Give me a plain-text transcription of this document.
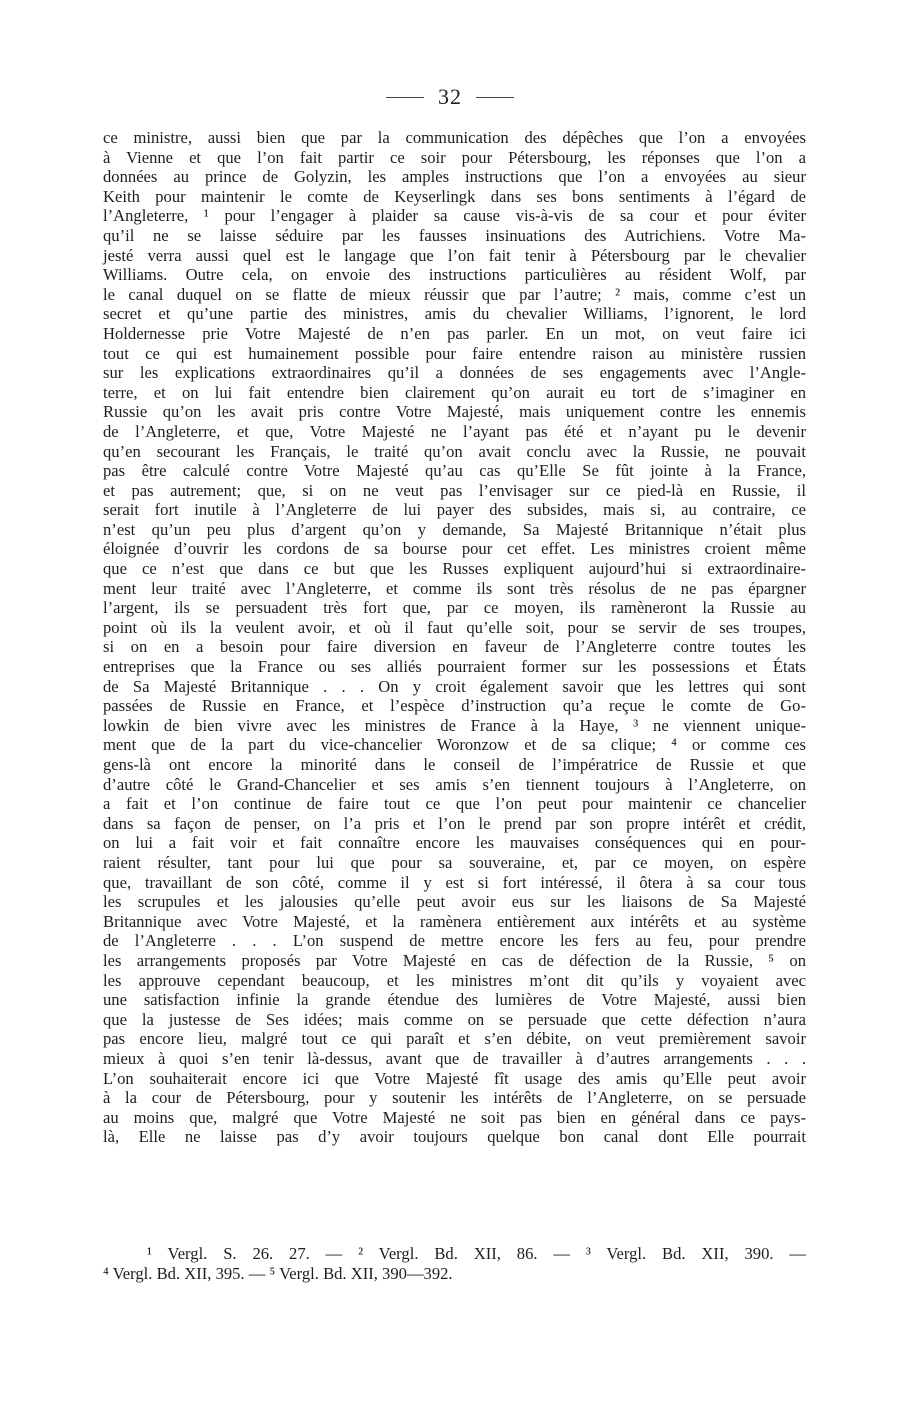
32
ce ministre, aussi bien que par la communication des dépêches que l’on a envoyées
à Vienne et que l’on fait partir ce soir pour Pétersbourg, les réponses que l’on a
données au prince de Golyzin, les amples instructions que l’on a envoyées au sieur
Keith pour maintenir le comte de Keyserlingk dans ses bons sentiments à l’égard de
l’Angleterre, ¹ pour l’engager à plaider sa cause vis-à-vis de sa cour et pour éviter
qu’il ne se laisse séduire par les fausses insinuations des Autrichiens. Votre Ma-
jesté verra aussi quel est le langage que l’on fait tenir à Pétersbourg par le chevalier
Williams. Outre cela, on envoie des instructions particulières au résident Wolf, par
le canal duquel on se flatte de mieux réussir que par l’autre; ² mais, comme c’est un
secret et qu’une partie des ministres, amis du chevalier Williams, l’ignorent, le lord
Holdernesse prie Votre Majesté de n’en pas parler. En un mot, on veut faire ici
tout ce qui est humainement possible pour faire entendre raison au ministère russien
sur les explications extraordinaires qu’il a données de ses engagements avec l’Angle-
terre, et on lui fait entendre bien clairement qu’on aurait eu tort de s’imaginer en
Russie qu’on les avait pris contre Votre Majesté, mais uniquement contre les ennemis
de l’Angleterre, et que, Votre Majesté ne l’ayant pas été et n’ayant pu le devenir
qu’en secourant les Français, le traité qu’on avait conclu avec la Russie, ne pouvait
pas être calculé contre Votre Majesté qu’au cas qu’Elle Se fût jointe à la France,
et pas autrement; que, si on ne veut pas l’envisager sur ce pied-là en Russie, il
serait fort inutile à l’Angleterre de lui payer des subsides, mais si, au contraire, ce
n’est qu’un peu plus d’argent qu’on y demande, Sa Majesté Britannique n’était plus
éloignée d’ouvrir les cordons de sa bourse pour cet effet. Les ministres croient même
que ce n’est que dans ce but que les Russes expliquent aujourd’hui si extraordinaire-
ment leur traité avec l’Angleterre, et comme ils sont très résolus de ne pas épargner
l’argent, ils se persuadent très fort que, par ce moyen, ils ramèneront la Russie au
point où ils la veulent avoir, et où il faut qu’elle soit, pour se servir de ses troupes,
si on en a besoin pour faire diversion en faveur de l’Angleterre contre toutes les
entreprises que la France ou ses alliés pourraient former sur les possessions et États
de Sa Majesté Britannique . . . On y croit également savoir que les lettres qui sont
passées de Russie en France, et l’espèce d’instruction qu’a reçue le comte de Go-
lowkin de bien vivre avec les ministres de France à la Haye, ³ ne viennent unique-
ment que de la part du vice-chancelier Woronzow et de sa clique; ⁴ or comme ces
gens-là ont encore la minorité dans le conseil de l’impératrice de Russie et que
d’autre côté le Grand-Chancelier et ses amis s’en tiennent toujours à l’Angleterre, on
a fait et l’on continue de faire tout ce que l’on peut pour maintenir ce chancelier
dans sa façon de penser, on l’a pris et l’on le prend par son propre intérêt et crédit,
on lui a fait voir et fait connaître encore les mauvaises conséquences qui en pour-
raient résulter, tant pour lui que pour sa souveraine, et, par ce moyen, on espère
que, travaillant de son côté, comme il y est si fort intéressé, il ôtera à sa cour tous
les scrupules et les jalousies qu’elle peut avoir eus sur les liaisons de Sa Majesté
Britannique avec Votre Majesté, et la ramènera entièrement aux intérêts et au système
de l’Angleterre . . . L’on suspend de mettre encore les fers au feu, pour prendre
les arrangements proposés par Votre Majesté en cas de défection de la Russie, ⁵ on
les approuve cependant beaucoup, et les ministres m’ont dit qu’ils y voyaient avec
une satisfaction infinie la grande étendue des lumières de Votre Majesté, aussi bien
que la justesse de Ses idées; mais comme on se persuade que cette défection n’aura
pas encore lieu, malgré tout ce qui paraît et s’en débite, on veut premièrement savoir
mieux à quoi s’en tenir là-dessus, avant que de travailler à d’autres arrangements . . .
L’on souhaiterait encore ici que Votre Majesté fît usage des amis qu’Elle peut avoir
à la cour de Pétersbourg, pour y soutenir les intérêts de l’Angleterre, on se persuade
au moins que, malgré que Votre Majesté ne soit pas bien en général dans ce pays-
là, Elle ne laisse pas d’y avoir toujours quelque bon canal dont Elle pourrait
¹ Vergl. S. 26. 27. — ² Vergl. Bd. XII, 86. — ³ Vergl. Bd. XII, 390. —
⁴ Vergl. Bd. XII, 395. — ⁵ Vergl. Bd. XII, 390—392.
